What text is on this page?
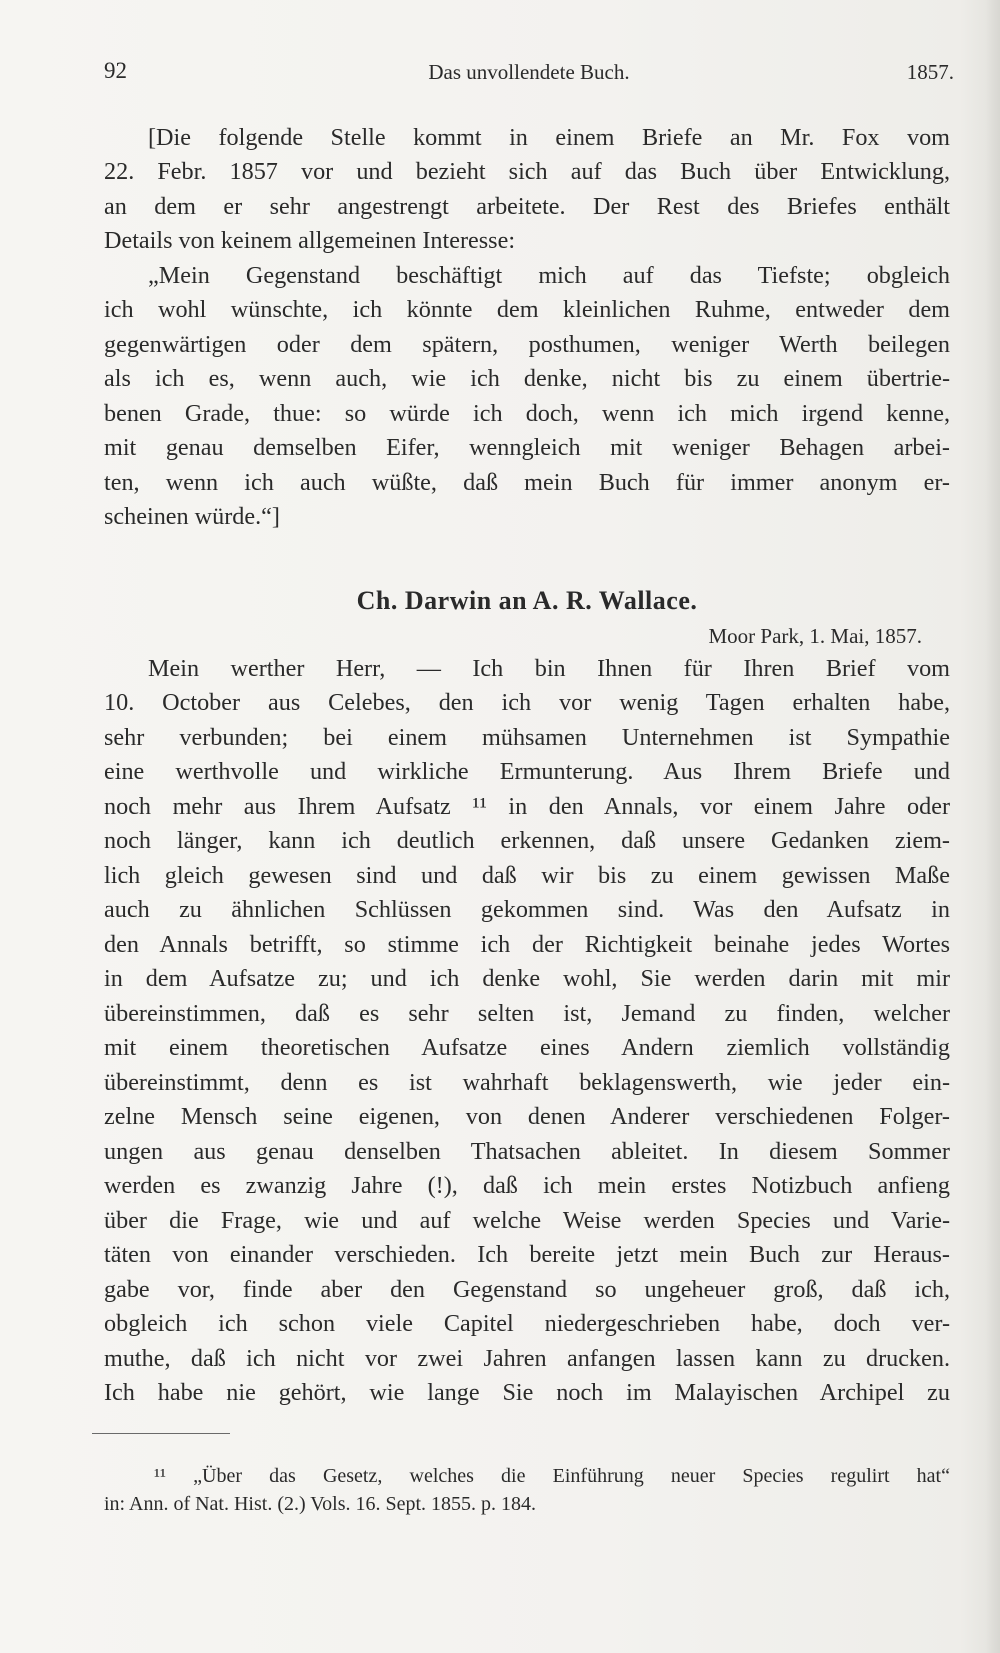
92	Das unvollendete Buch.	1857.
[Die folgende Stelle kommt in einem Briefe an Mr. Fox vom
22. Febr. 1857 vor und bezieht sich auf das Buch über Entwicklung,
an dem er sehr angestrengt arbeitete. Der Rest des Briefes enthält
Details von keinem allgemeinen Interesse:
„Mein Gegenstand beschäftigt mich auf das Tiefste; obgleich
ich wohl wünschte, ich könnte dem kleinlichen Ruhme, entweder dem
gegenwärtigen oder dem spätern, posthumen, weniger Werth beilegen
als ich es, wenn auch, wie ich denke, nicht bis zu einem übertrie-
benen Grade, thue: so würde ich doch, wenn ich mich irgend kenne,
mit genau demselben Eifer, wenngleich mit weniger Behagen arbei-
ten, wenn ich auch wüßte, daß mein Buch für immer anonym er-
scheinen würde.“]
Ch. Darwin an A. R. Wallace.
Moor Park, 1. Mai, 1857.
Mein werther Herr, — Ich bin Ihnen für Ihren Brief vom
10. October aus Celebes, den ich vor wenig Tagen erhalten habe,
sehr verbunden; bei einem mühsamen Unternehmen ist Sympathie
eine werthvolle und wirkliche Ermunterung. Aus Ihrem Briefe und
noch mehr aus Ihrem Aufsatz ¹¹ in den Annals, vor einem Jahre oder
noch länger, kann ich deutlich erkennen, daß unsere Gedanken ziem-
lich gleich gewesen sind und daß wir bis zu einem gewissen Maße
auch zu ähnlichen Schlüssen gekommen sind. Was den Aufsatz in
den Annals betrifft, so stimme ich der Richtigkeit beinahe jedes Wortes
in dem Aufsatze zu; und ich denke wohl, Sie werden darin mit mir
übereinstimmen, daß es sehr selten ist, Jemand zu finden, welcher
mit einem theoretischen Aufsatze eines Andern ziemlich vollständig
übereinstimmt, denn es ist wahrhaft beklagenswerth, wie jeder ein-
zelne Mensch seine eigenen, von denen Anderer verschiedenen Folger-
ungen aus genau denselben Thatsachen ableitet. In diesem Sommer
werden es zwanzig Jahre (!), daß ich mein erstes Notizbuch anfieng
über die Frage, wie und auf welche Weise werden Species und Varie-
täten von einander verschieden. Ich bereite jetzt mein Buch zur Heraus-
gabe vor, finde aber den Gegenstand so ungeheuer groß, daß ich,
obgleich ich schon viele Capitel niedergeschrieben habe, doch ver-
muthe, daß ich nicht vor zwei Jahren anfangen lassen kann zu drucken.
Ich habe nie gehört, wie lange Sie noch im Malayischen Archipel zu
¹¹ „Über das Gesetz, welches die Einführung neuer Species regulirt hat“
in: Ann. of Nat. Hist. (2.) Vols. 16. Sept. 1855. p. 184.
